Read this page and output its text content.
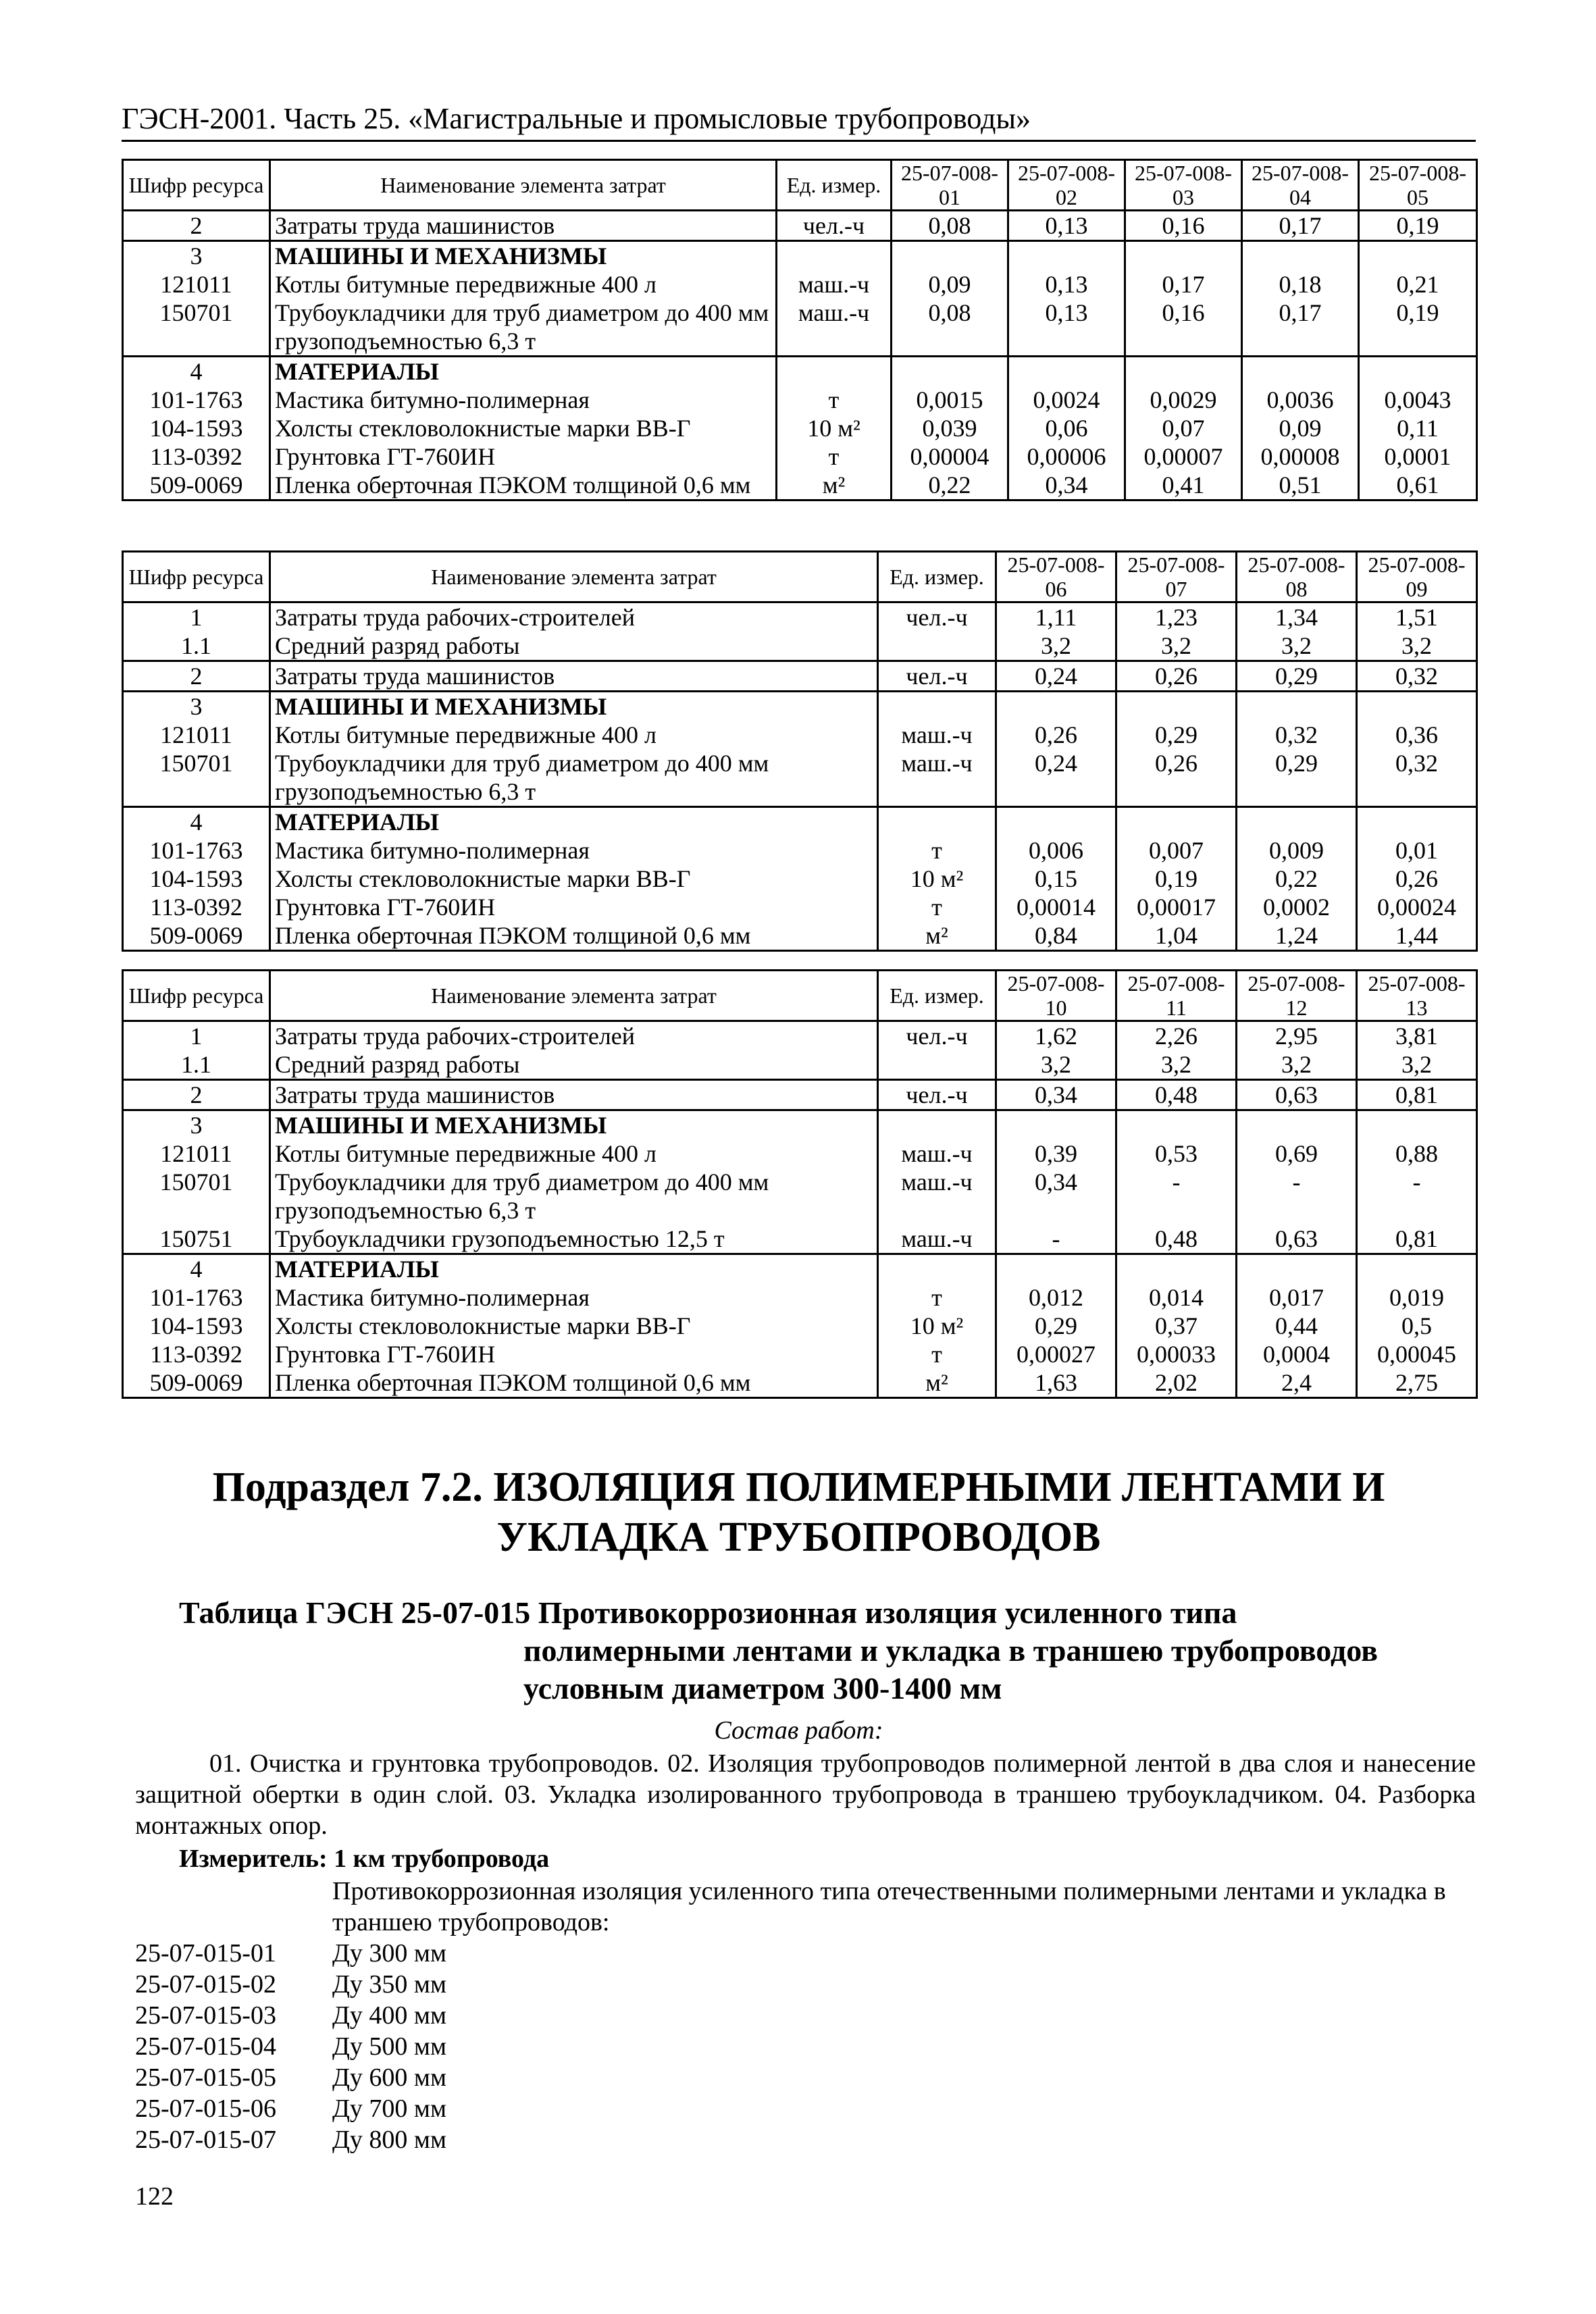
ГЭСН-2001. Часть 25. «Магистральные и промысловые трубопроводы»
Шифр ресурса	Наименование элемента затрат	Ед. измер.	25-07-008-01	25-07-008-02	25-07-008-03	25-07-008-04	25-07-008-05
2	Затраты труда машинистов	чел.-ч	0,08	0,13	0,16	0,17	0,19
3	МАШИНЫ И МЕХАНИЗМЫ						
121011	Котлы битумные передвижные 400 л	маш.-ч	0,09	0,13	0,17	0,18	0,21
150701	Трубоукладчики для труб диаметром до 400 мм грузоподъемностью 6,3 т	маш.-ч	0,08	0,13	0,16	0,17	0,19
4	МАТЕРИАЛЫ						
101-1763	Мастика битумно-полимерная	т	0,0015	0,0024	0,0029	0,0036	0,0043
104-1593	Холсты стекловолокнистые марки ВВ-Г	10 м²	0,039	0,06	0,07	0,09	0,11
113-0392	Грунтовка ГТ-760ИН	т	0,00004	0,00006	0,00007	0,00008	0,0001
509-0069	Пленка оберточная ПЭКОМ толщиной 0,6 мм	м²	0,22	0,34	0,41	0,51	0,61
Шифр ресурса	Наименование элемента затрат	Ед. измер.	25-07-008-06	25-07-008-07	25-07-008-08	25-07-008-09
1	Затраты труда рабочих-строителей	чел.-ч	1,11	1,23	1,34	1,51
1.1	Средний разряд работы		3,2	3,2	3,2	3,2
2	Затраты труда машинистов	чел.-ч	0,24	0,26	0,29	0,32
3	МАШИНЫ И МЕХАНИЗМЫ					
121011	Котлы битумные передвижные 400 л	маш.-ч	0,26	0,29	0,32	0,36
150701	Трубоукладчики для труб диаметром до 400 мм грузоподъемностью 6,3 т	маш.-ч	0,24	0,26	0,29	0,32
4	МАТЕРИАЛЫ					
101-1763	Мастика битумно-полимерная	т	0,006	0,007	0,009	0,01
104-1593	Холсты стекловолокнистые марки ВВ-Г	10 м²	0,15	0,19	0,22	0,26
113-0392	Грунтовка ГТ-760ИН	т	0,00014	0,00017	0,0002	0,00024
509-0069	Пленка оберточная ПЭКОМ толщиной 0,6 мм	м²	0,84	1,04	1,24	1,44
Шифр ресурса	Наименование элемента затрат	Ед. измер.	25-07-008-10	25-07-008-11	25-07-008-12	25-07-008-13
1	Затраты труда рабочих-строителей	чел.-ч	1,62	2,26	2,95	3,81
1.1	Средний разряд работы		3,2	3,2	3,2	3,2
2	Затраты труда машинистов	чел.-ч	0,34	0,48	0,63	0,81
3	МАШИНЫ И МЕХАНИЗМЫ					
121011	Котлы битумные передвижные 400 л	маш.-ч	0,39	0,53	0,69	0,88
150701	Трубоукладчики для труб диаметром до 400 мм грузоподъемностью 6,3 т	маш.-ч	0,34	-	-	-
150751	Трубоукладчики грузоподъемностью 12,5 т	маш.-ч	-	0,48	0,63	0,81
4	МАТЕРИАЛЫ					
101-1763	Мастика битумно-полимерная	т	0,012	0,014	0,017	0,019
104-1593	Холсты стекловолокнистые марки ВВ-Г	10 м²	0,29	0,37	0,44	0,5
113-0392	Грунтовка ГТ-760ИН	т	0,00027	0,00033	0,0004	0,00045
509-0069	Пленка оберточная ПЭКОМ толщиной 0,6 мм	м²	1,63	2,02	2,4	2,75
Подраздел 7.2. ИЗОЛЯЦИЯ ПОЛИМЕРНЫМИ ЛЕНТАМИ И УКЛАДКА ТРУБОПРОВОДОВ
Таблица ГЭСН 25-07-015 Противокоррозионная изоляция усиленного типа
полимерными лентами и укладка в траншею трубопроводов
условным диаметром 300-1400 мм
Состав работ:
01. Очистка и грунтовка трубопроводов. 02. Изоляция трубопроводов полимерной лентой в два слоя и нанесение защитной обертки в один слой. 03. Укладка изолированного трубопровода в траншею трубоукладчиком. 04. Разборка монтажных опор.
Измеритель: 1 км трубопровода
Противокоррозионная изоляция усиленного типа отечественными полимерными лентами и укладка в траншею трубопроводов:
25-07-015-01 Ду 300 мм
25-07-015-02 Ду 350 мм
25-07-015-03 Ду 400 мм
25-07-015-04 Ду 500 мм
25-07-015-05 Ду 600 мм
25-07-015-06 Ду 700 мм
25-07-015-07 Ду 800 мм
122
